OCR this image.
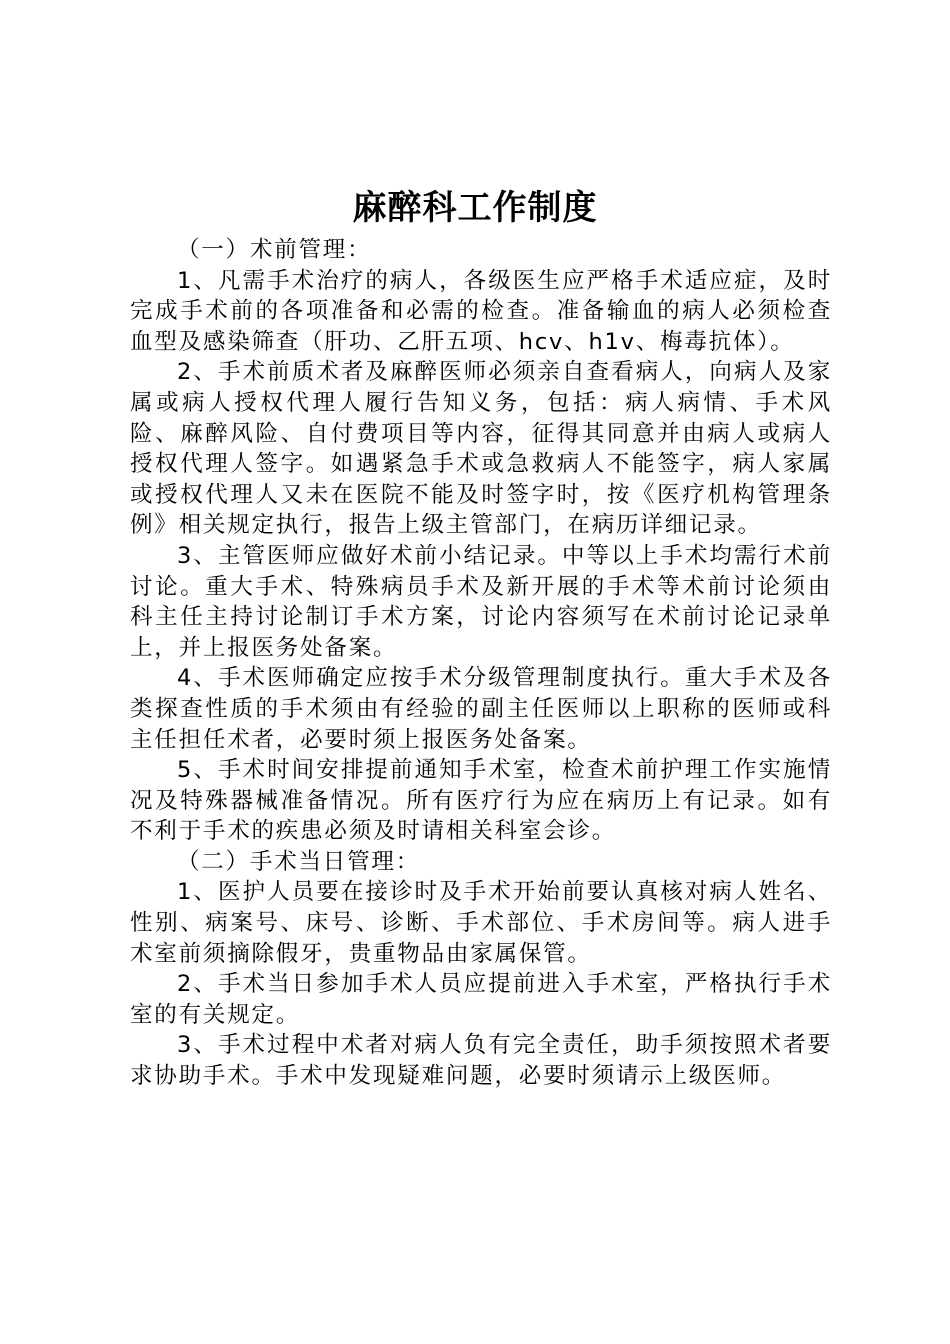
麻醉科工作制度

（一）术前管理：

1、凡需手术治疗的病人，各级医生应严格手术适应症，及时完成手术前的各项准备和必需的检查。准备输血的病人必须检查血型及感染筛查（肝功、乙肝五项、hcv、h1v、梅毒抗体）。

2、手术前质术者及麻醉医师必须亲自查看病人，向病人及家属或病人授权代理人履行告知义务，包括：病人病情、手术风险、麻醉风险、自付费项目等内容，征得其同意并由病人或病人授权代理人签字。如遇紧急手术或急救病人不能签字，病人家属或授权代理人又未在医院不能及时签字时，按《医疗机构管理条例》相关规定执行，报告上级主管部门，在病历详细记录。

3、主管医师应做好术前小结记录。中等以上手术均需行术前讨论。重大手术、特殊病员手术及新开展的手术等术前讨论须由科主任主持讨论制订手术方案，讨论内容须写在术前讨论记录单上，并上报医务处备案。

4、手术医师确定应按手术分级管理制度执行。重大手术及各类探查性质的手术须由有经验的副主任医师以上职称的医师或科主任担任术者，必要时须上报医务处备案。

5、手术时间安排提前通知手术室，检查术前护理工作实施情况及特殊器械准备情况。所有医疗行为应在病历上有记录。如有不利于手术的疾患必须及时请相关科室会诊。

（二）手术当日管理：

1、医护人员要在接诊时及手术开始前要认真核对病人姓名、性别、病案号、床号、诊断、手术部位、手术房间等。病人进手术室前须摘除假牙，贵重物品由家属保管。

2、手术当日参加手术人员应提前进入手术室，严格执行手术室的有关规定。

3、手术过程中术者对病人负有完全责任，助手须按照术者要求协助手术。手术中发现疑难问题，必要时须请示上级医师。
